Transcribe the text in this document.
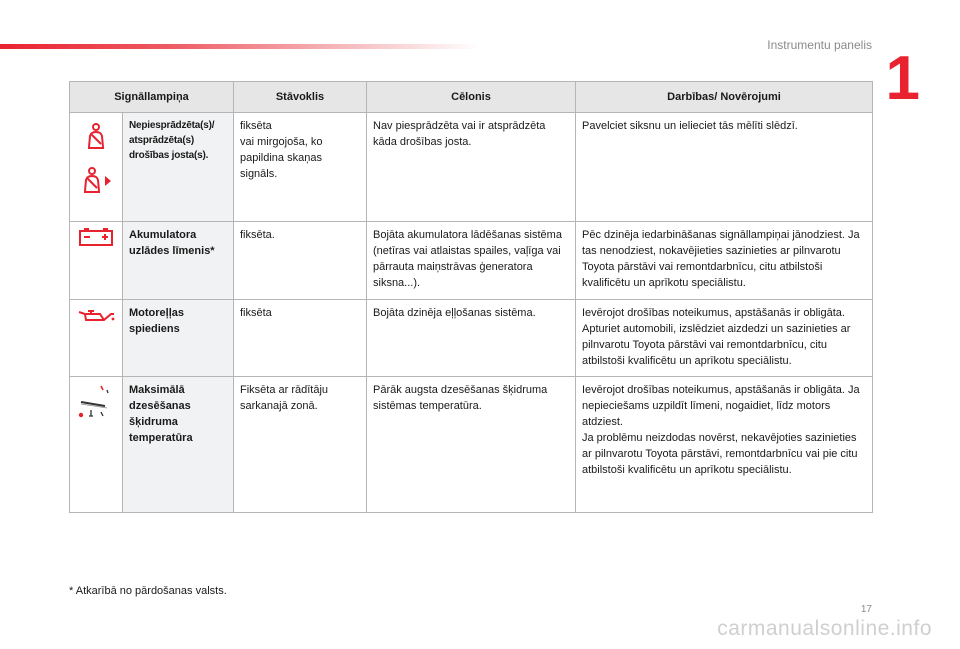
Instrumentu panelis 1
Signāllampiņa		Stāvoklis	Cēlonis	Darbības/ Novērojumi

	Nepiesprādzēta(s)/ atsprādzēta(s) drošības josta(s).	fiksēta
vai mirgojoša, ko papildina skaņas signāls.	Nav piesprādzēta vai ir atsprādzēta kāda drošības josta.	Pavelciet siksnu un ielieciet tās mēlīti slēdzī.

	Akumulatora uzlādes līmenis*	fiksēta.	Bojāta akumulatora lādēšanas sistēma (netīras vai atlaistas spailes, vaļīga vai pārrauta maiņstrāvas ģeneratora siksna...).	Pēc dzinēja iedarbināšanas signāllampiņai jānodziest. Ja tas nenodziest, nokavējieties sazinieties ar pilnvarotu Toyota pārstāvi vai remontdarbnīcu, citu atbilstoši kvalificētu un aprīkotu speciālistu.

	Motoreļļas spiediens	fiksēta	Bojāta dzinēja eļļošanas sistēma.	Ievērojot drošības noteikumus, apstāšanās ir obligāta. Apturiet automobili, izslēdziet aizdedzi un sazinieties ar pilnvarotu Toyota pārstāvi vai remontdarbnīcu, citu atbilstoši kvalificētu un aprīkotu speciālistu.

	Maksimālā dzesēšanas šķidruma temperatūra	Fiksēta ar rādītāju sarkanajā zonā.	Pārāk augsta dzesēšanas šķidruma sistēmas temperatūra.	Ievērojot drošības noteikumus, apstāšanās ir obligāta. Ja nepieciešams uzpildīt līmeni, nogaidiet, līdz motors atdziest.
Ja problēmu neizdodas novērst, nekavējoties sazinieties ar pilnvarotu Toyota pārstāvi, remontdarbnīcu vai pie citu atbilstoši kvalificētu un aprīkotu speciālistu.
* Atkarībā no pārdošanas valsts.
17
carmanualsonline.info
